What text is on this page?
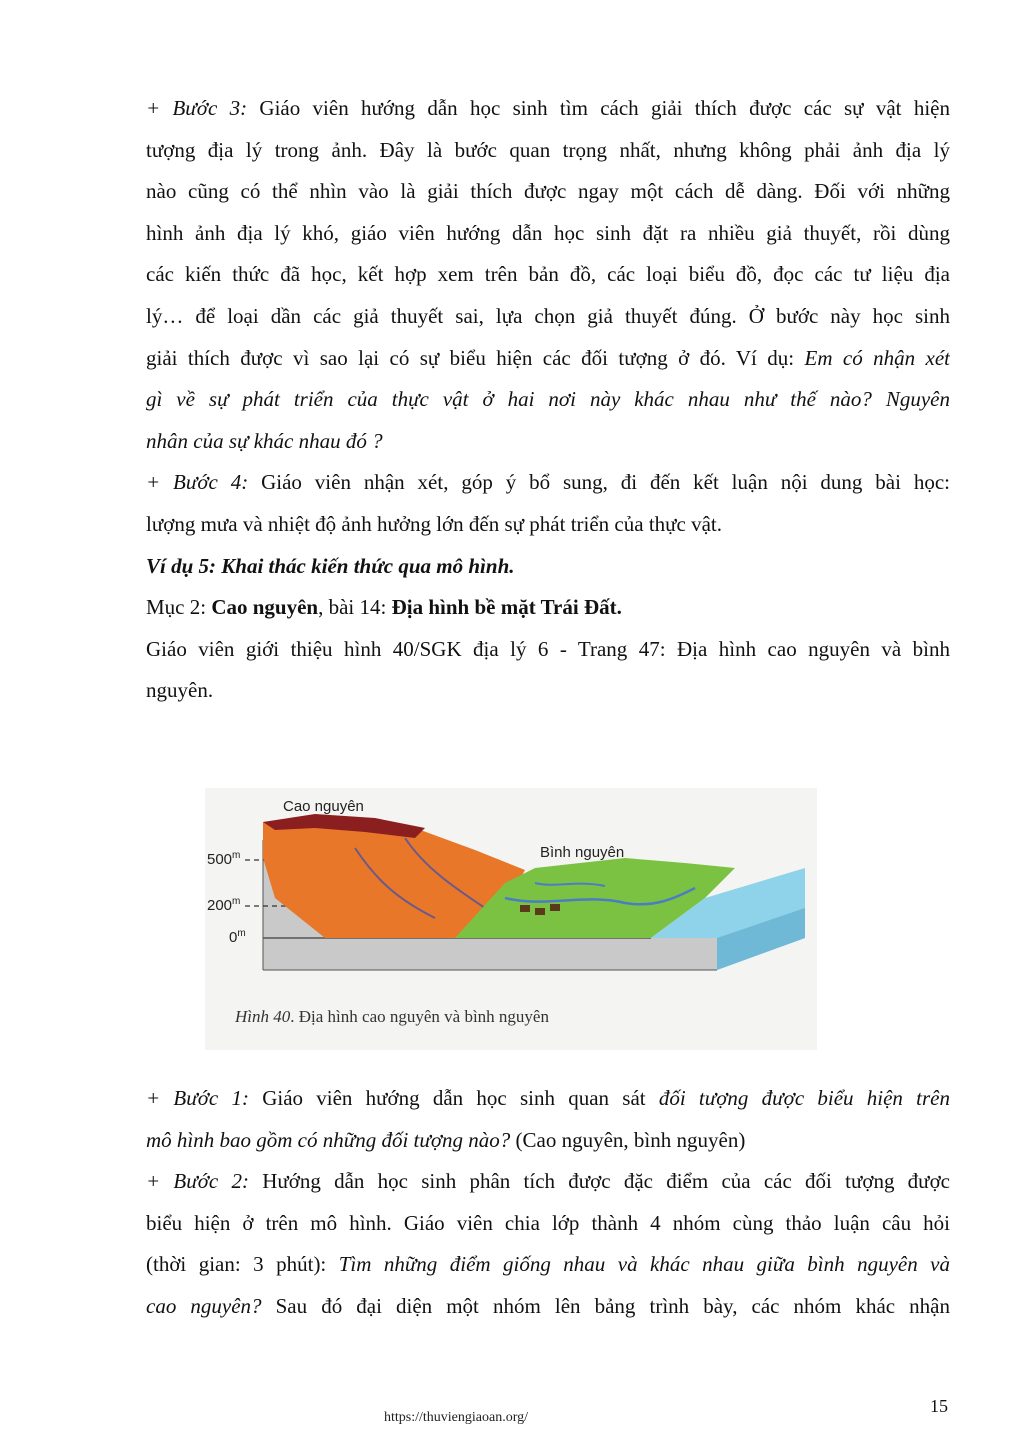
+ Bước 3: Giáo viên hướng dẫn học sinh tìm cách giải thích được các sự vật hiện
tượng địa lý trong ảnh. Đây là bước quan trọng nhất, nhưng không phải ảnh địa lý
nào cũng có thể nhìn vào là giải thích được ngay một cách dễ dàng. Đối với những
hình ảnh địa lý khó, giáo viên hướng dẫn học sinh đặt ra nhiều giả thuyết, rồi dùng
các kiến thức đã học, kết hợp xem trên bản đồ, các loại biểu đồ, đọc các tư liệu địa
lý… để loại dần các giả thuyết sai, lựa chọn giả thuyết đúng. Ở bước này học sinh
giải thích được vì sao lại có sự biểu hiện các đối tượng ở đó. Ví dụ: Em có nhận xét
gì về sự phát triển của thực vật ở hai nơi này khác nhau như thế nào? Nguyên
nhân của sự khác nhau đó ?
+ Bước 4: Giáo viên nhận xét, góp ý bổ sung, đi đến kết luận nội dung bài học:
lượng mưa và nhiệt độ ảnh hưởng lớn đến sự phát triển của thực vật.
Ví dụ 5: Khai thác kiến thức qua mô hình.
Mục 2: Cao nguyên, bài 14: Địa hình bề mặt Trái Đất.
Giáo viên giới thiệu hình 40/SGK địa lý 6 - Trang 47: Địa hình cao nguyên và bình
nguyên.
Cao nguyên
Bình nguyên
500$^m$
200$^m$
0$^m$
Hình 40. Địa hình cao nguyên và bình nguyên
+ Bước 1: Giáo viên hướng dẫn học sinh quan sát đối tượng được biểu hiện trên
mô hình bao gồm có những đối tượng nào? (Cao nguyên, bình nguyên)
+ Bước 2: Hướng dẫn học sinh phân tích được đặc điểm của các đối tượng được
biểu hiện ở trên mô hình. Giáo viên chia lớp thành 4 nhóm cùng thảo luận câu hỏi
(thời gian: 3 phút): Tìm những điểm giống nhau và khác nhau giữa bình nguyên và
cao nguyên? Sau đó đại diện một nhóm lên bảng trình bày, các nhóm khác nhận
15
https://thuviengiaoan.org/
